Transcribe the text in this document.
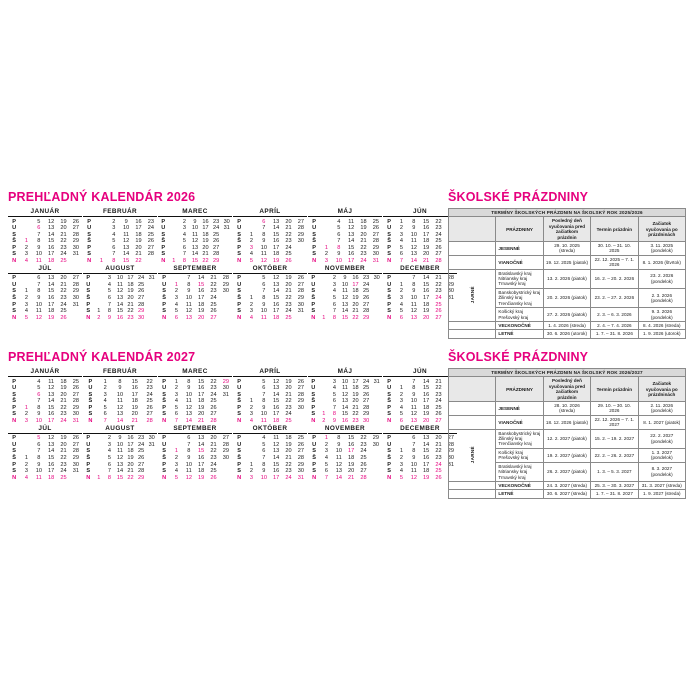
PREHĽADNÝ KALENDÁR 2026
JANUÁR
P		5	12	19	26
U		6	13	20	27
S		7	14	21	28
Š	1	8	15	22	29
P	2	9	16	23	30
S	3	10	17	24	31
N	4	11	18	25	
FEBRUÁR
P		2	9	16	23
U		3	10	17	24
S		4	11	18	25
Š		5	12	19	26
P		6	13	20	27
S		7	14	21	28
N	1	8	15	22	
MAREC
P		2	9	16	23	30
U		3	10	17	24	31
S		4	11	18	25	
Š		5	12	19	26	
P		6	13	20	27	
S		7	14	21	28	
N	1	8	15	22	29	
APRÍL
P		6	13	20	27
U		7	14	21	28
S	1	8	15	22	29
Š	2	9	16	23	30
P	3	10	17	24	
S	4	11	18	25	
N	5	12	19	26	
MÁJ
P		4	11	18	25
U		5	12	19	26
S		6	13	20	27
Š		7	14	21	28
P	1	8	15	22	29
S	2	9	16	23	30
N	3	10	17	24	31
JÚN
P	1	8	15	22	
U	2	9	16	23	
S	3	10	17	24	
Š	4	11	18	25	
P	5	12	19	26	
S	6	13	20	27	
N	7	14	21	28	
JÚL
P		6	13	20	27
U		7	14	21	28
S	1	8	15	22	29
Š	2	9	16	23	30
P	3	10	17	24	31
S	4	11	18	25	
N	5	12	19	26	
AUGUST
P		3	10	17	24	31
U		4	11	18	25	
S		5	12	19	26	
Š		6	13	20	27	
P		7	14	21	28	
S	1	8	15	22	29	
N	2	9	16	23	30	
SEPTEMBER
P		7	14	21	28
U	1	8	15	22	29
S	2	9	16	23	30
Š	3	10	17	24	
P	4	11	18	25	
S	5	12	19	26	
N	6	13	20	27	
OKTÓBER
P		5	12	19	26
U		6	13	20	27
S		7	14	21	28
Š	1	8	15	22	29
P	2	9	16	23	30
S	3	10	17	24	31
N	4	11	18	25	
NOVEMBER
P		2	9	16	23	30
U		3	10	17	24	
S		4	11	18	25	
Š		5	12	19	26	
P		6	13	20	27	
S		7	14	21	28	
N	1	8	15	22	29	
DECEMBER
P		7	14	21	28
U	1	8	15	22	29
S	2	9	16	23	30
Š	3	10	17	24	31
P	4	11	18	25	
S	5	12	19	26	
N	6	13	20	27	
PREHĽADNÝ KALENDÁR 2027
JANUÁR
P		4	11	18	25
U		5	12	19	26
S		6	13	20	27
Š		7	14	21	28
P	1	8	15	22	29
S	2	9	16	23	30
N	3	10	17	24	31
FEBRUÁR
P	1	8	15	22
U	2	9	16	23
S	3	10	17	24
Š	4	11	18	25
P	5	12	19	26
S	6	13	20	27
N	7	14	21	28
MAREC
P	1	8	15	22	29
U	2	9	16	23	30
S	3	10	17	24	31
Š	4	11	18	25	
P	5	12	19	26	
S	6	13	20	27	
N	7	14	21	28	
APRÍL
P		5	12	19	26
U		6	13	20	27
S		7	14	21	28
Š	1	8	15	22	29
P	2	9	16	23	30
S	3	10	17	24	
N	4	11	18	25	
MÁJ
P		3	10	17	24	31
U		4	11	18	25	
S		5	12	19	26	
Š		6	13	20	27	
P		7	14	21	28	
S	1	8	15	22	29	
N	2	9	16	23	30	
JÚN
P		7	14	21	
U	1	8	15	22	
S	2	9	16	23	
Š	3	10	17	24	
P	4	11	18	25	
S	5	12	19	26	
N	6	13	20	27	
JÚL
P		5	12	19	26
U		6	13	20	27
S		7	14	21	28
Š	1	8	15	22	29
P	2	9	16	23	30
S	3	10	17	24	31
N	4	11	18	25	
AUGUST
P		2	9	16	23	30
U		3	10	17	24	31
S		4	11	18	25	
Š		5	12	19	26	
P		6	13	20	27	
S		7	14	21	28	
N	1	8	15	22	29	
SEPTEMBER
P		6	13	20	27
U		7	14	21	28
S	1	8	15	22	29
Š	2	9	16	23	30
P	3	10	17	24	
S	4	11	18	25	
N	5	12	19	26	
OKTÓBER
P		4	11	18	25
U		5	12	19	26
S		6	13	20	27
Š		7	14	21	28
P	1	8	15	22	29
S	2	9	16	23	30
N	3	10	17	24	31
NOVEMBER
P	1	8	15	22	29
U	2	9	16	23	30
S	3	10	17	24	
Š	4	11	18	25	
P	5	12	19	26	
S	6	13	20	27	
N	7	14	21	28	
DECEMBER
P		6	13	20	27
U		7	14	21	28
S	1	8	15	22	29
Š	2	9	16	23	30
P	3	10	17	24	31
S	4	11	18	25	
N	5	12	19	26	
ŠKOLSKÉ PRÁZDNINY
TERMÍNY ŠKOLSKÝCH PRÁZDNIN NA ŠKOLSKÝ ROK 2025/2026				
	PRÁZDNINY	Posledný deň vyučovania pred začiatkom prázdnin	Termín prázdnin	Začiatok vyučovania po prázdninách
	JESENNÉ	29. 10. 2025 (streda)	30. 10. – 31. 10. 2025	3. 11. 2025 (pondelok)
	VIANOČNÉ	19. 12. 2025 (piatok)	22. 12. 2025 – 7. 1. 2026	8. 1. 2026 (štvrtok)
JARNÉ	Bratislavský kraj
Nitriansky kraj
Trnavský kraj	13. 2. 2026 (piatok)	16. 2. – 20. 2. 2026	23. 2. 2026 (pondelok)

	Banskobystrický kraj
Žilinský kraj
Trenčiansky kraj	20. 2. 2026 (piatok)	23. 2. – 27. 2. 2026	2. 3. 2026 (pondelok)

	Košický kraj
Prešovský kraj	27. 2. 2026 (piatok)	2. 3. – 6. 3. 2026	9. 3. 2026 (pondelok)
	VEĽKONOČNÉ	1. 4. 2026 (streda)	2. 4. – 7. 4. 2026	8. 4. 2026 (streda)
	LETNÉ	30. 6. 2026 (utorok)	1. 7. – 31. 8. 2026	1. 9. 2026 (utorok)
ŠKOLSKÉ PRÁZDNINY
TERMÍNY ŠKOLSKÝCH PRÁZDNIN NA ŠKOLSKÝ ROK 2026/2027				
	PRÁZDNINY	Posledný deň vyučovania pred začiatkom prázdnin	Termín prázdnin	Začiatok vyučovania po prázdninách
	JESENNÉ	28. 10. 2026 (streda)	29. 10. – 30. 10. 2026	2. 11. 2026 (pondelok)
	VIANOČNÉ	18. 12. 2026 (piatok)	22. 12. 2026 – 7. 1. 2027	8. 1. 2027 (piatok)
JARNÉ	Banskobystrický kraj
Žilinský kraj
Trenčiansky kraj	12. 2. 2027 (piatok)	15. 2. – 19. 2. 2027	22. 2. 2027 (pondelok)

	Košický kraj
Prešovský kraj	19. 2. 2027 (piatok)	22. 2. – 26. 2. 2027	1. 3. 2027 (pondelok)

	Bratislavský kraj
Nitriansky kraj
Trnavský kraj	26. 2. 2027 (piatok)	1. 3. – 5. 3. 2027	8. 3. 2027 (pondelok)
	VEĽKONOČNÉ	24. 3. 2027 (streda)	25. 3. – 30. 3. 2027	31. 3. 2027 (streda)
	LETNÉ	30. 6. 2027 (streda)	1. 7. – 31. 8. 2027	1. 9. 2027 (streda)
